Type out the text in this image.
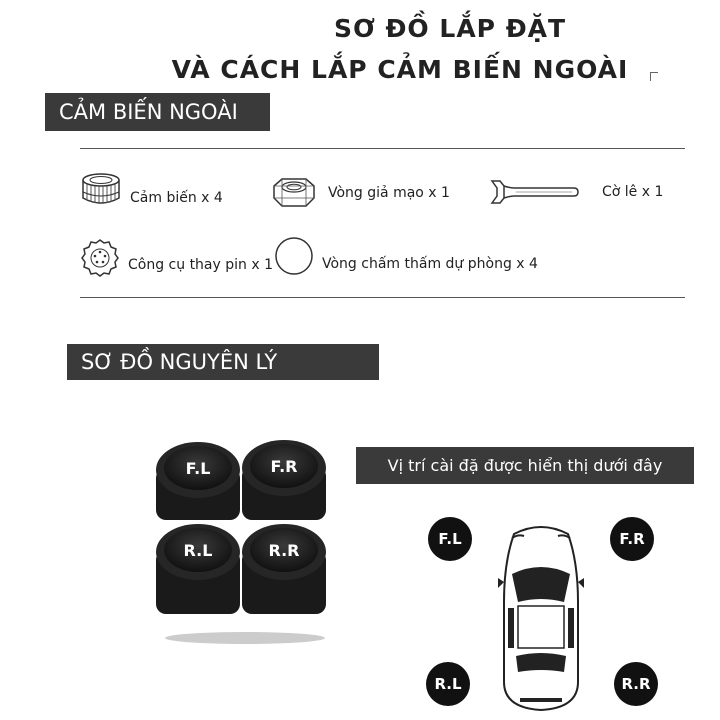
SƠ ĐỒ LẮP ĐẶT
VÀ CÁCH LẮP CẢM BIẾN NGOÀI
CẢM BIẾN NGOÀI
Cảm biến x 4	Vòng giả mạo x 1	Cờ lê x 1
Công cụ thay pin x 1	Vòng chấm thấm dự phòng x 4
SƠ ĐỒ NGUYÊN LÝ
F.L	F.R
R.L	R.R
Vị trí cài đặ được hiển thị dưới đây
F.L	F.R
R.L	R.R
